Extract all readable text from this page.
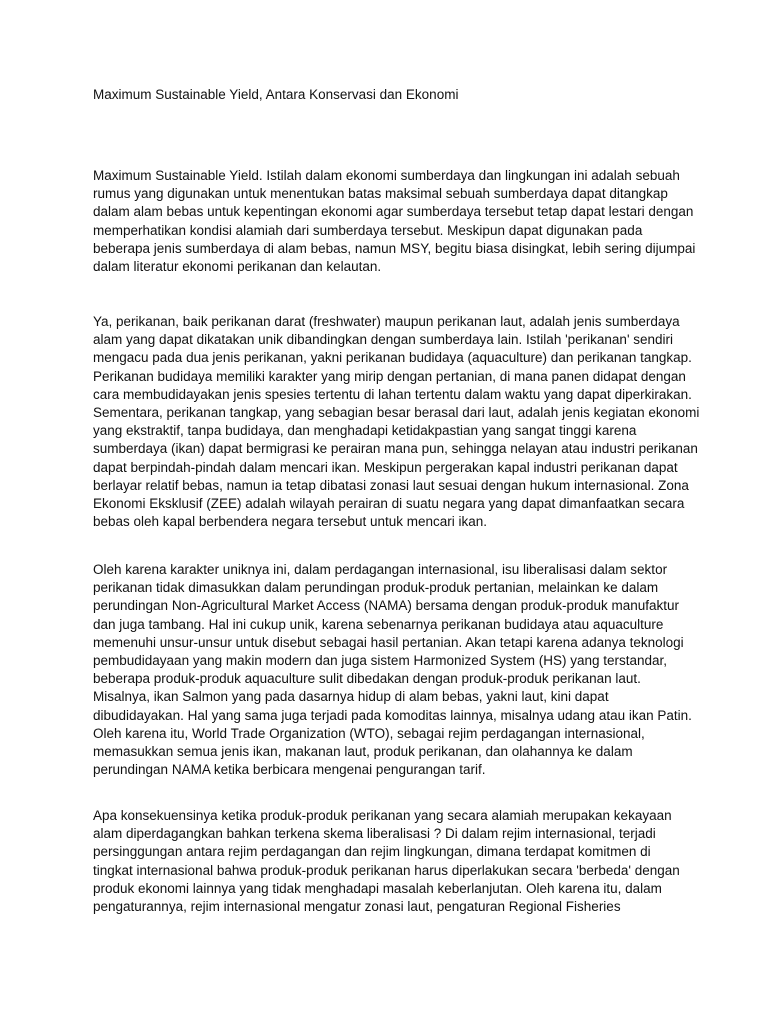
Maximum Sustainable Yield, Antara Konservasi dan Ekonomi

Maximum Sustainable Yield. Istilah dalam ekonomi sumberdaya dan lingkungan ini adalah sebuah
rumus yang digunakan untuk menentukan batas maksimal sebuah sumberdaya dapat ditangkap
dalam alam bebas untuk kepentingan ekonomi agar sumberdaya tersebut tetap dapat lestari dengan
memperhatikan kondisi alamiah dari sumberdaya tersebut. Meskipun dapat digunakan pada
beberapa jenis sumberdaya di alam bebas, namun MSY, begitu biasa disingkat, lebih sering dijumpai
dalam literatur ekonomi perikanan dan kelautan.

Ya, perikanan, baik perikanan darat (freshwater) maupun perikanan laut, adalah jenis sumberdaya
alam yang dapat dikatakan unik dibandingkan dengan sumberdaya lain. Istilah 'perikanan' sendiri
mengacu pada dua jenis perikanan, yakni perikanan budidaya (aquaculture) dan perikanan tangkap.
Perikanan budidaya memiliki karakter yang mirip dengan pertanian, di mana panen didapat dengan
cara membudidayakan jenis spesies tertentu di lahan tertentu dalam waktu yang dapat diperkirakan.
Sementara, perikanan tangkap, yang sebagian besar berasal dari laut, adalah jenis kegiatan ekonomi
yang ekstraktif, tanpa budidaya, dan menghadapi ketidakpastian yang sangat tinggi karena
sumberdaya (ikan) dapat bermigrasi ke perairan mana pun, sehingga nelayan atau industri perikanan
dapat berpindah-pindah dalam mencari ikan. Meskipun pergerakan kapal industri perikanan dapat
berlayar relatif bebas, namun ia tetap dibatasi zonasi laut sesuai dengan hukum internasional. Zona
Ekonomi Eksklusif (ZEE) adalah wilayah perairan di suatu negara yang dapat dimanfaatkan secara
bebas oleh kapal berbendera negara tersebut untuk mencari ikan.

Oleh karena karakter uniknya ini, dalam perdagangan internasional, isu liberalisasi dalam sektor
perikanan tidak dimasukkan dalam perundingan produk-produk pertanian, melainkan ke dalam
perundingan Non-Agricultural Market Access (NAMA) bersama dengan produk-produk manufaktur
dan juga tambang. Hal ini cukup unik, karena sebenarnya perikanan budidaya atau aquaculture
memenuhi unsur-unsur untuk disebut sebagai hasil pertanian. Akan tetapi karena adanya teknologi
pembudidayaan yang makin modern dan juga sistem Harmonized System (HS) yang terstandar,
beberapa produk-produk aquaculture sulit dibedakan dengan produk-produk perikanan laut.
Misalnya, ikan Salmon yang pada dasarnya hidup di alam bebas, yakni laut, kini dapat
dibudidayakan. Hal yang sama juga terjadi pada komoditas lainnya, misalnya udang atau ikan Patin.
Oleh karena itu, World Trade Organization (WTO), sebagai rejim perdagangan internasional,
memasukkan semua jenis ikan, makanan laut, produk perikanan, dan olahannya ke dalam
perundingan NAMA ketika berbicara mengenai pengurangan tarif.

Apa konsekuensinya ketika produk-produk perikanan yang secara alamiah merupakan kekayaan
alam diperdagangkan bahkan terkena skema liberalisasi ? Di dalam rejim internasional, terjadi
persinggungan antara rejim perdagangan dan rejim lingkungan, dimana terdapat komitmen di
tingkat internasional bahwa produk-produk perikanan harus diperlakukan secara 'berbeda' dengan
produk ekonomi lainnya yang tidak menghadapi masalah keberlanjutan. Oleh karena itu, dalam
pengaturannya, rejim internasional mengatur zonasi laut, pengaturan Regional Fisheries
